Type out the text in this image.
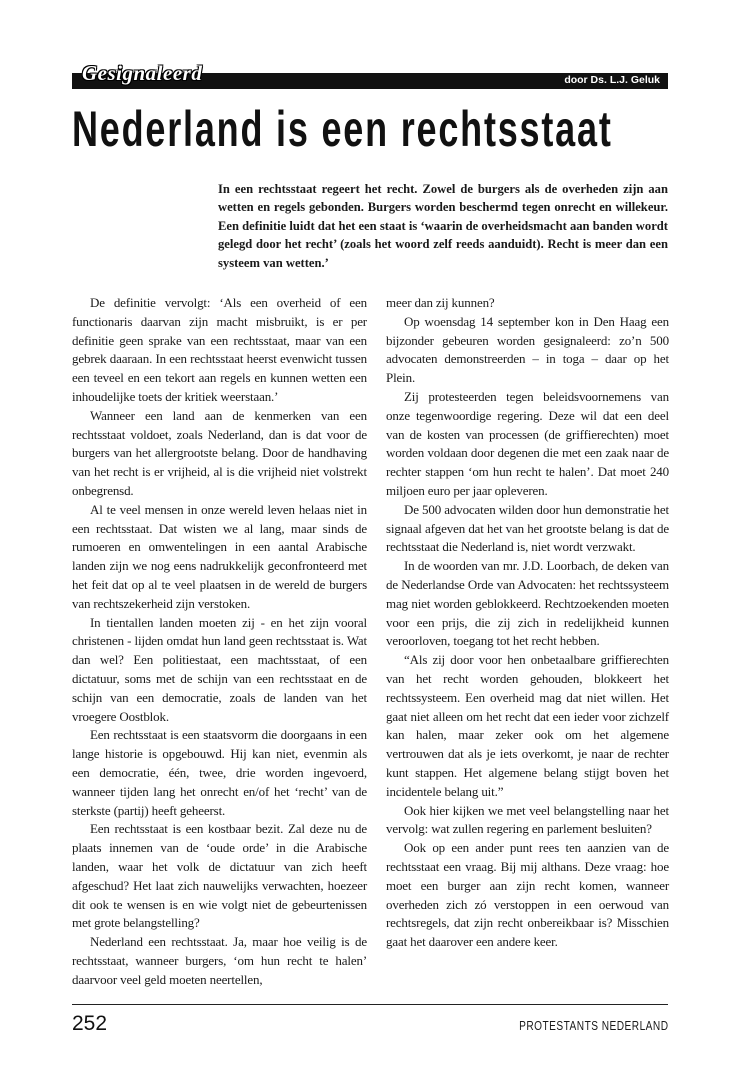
Gesignaleerd	door Ds. L.J. Geluk
Nederland is een rechtsstaat

In een rechtsstaat regeert het recht. Zowel de burgers als de overheden zijn aan wetten en regels gebonden. Burgers worden beschermd tegen onrecht en willekeur. Een definitie luidt dat het een staat is ‘waarin de overheidsmacht aan banden wordt gelegd door het recht’ (zoals het woord zelf reeds aanduidt). Recht is meer dan een systeem van wetten.’

De definitie vervolgt: ‘Als een overheid of een functionaris daarvan zijn macht misbruikt, is er per definitie geen sprake van een rechtsstaat, maar van een gebrek daaraan. In een rechtsstaat heerst evenwicht tussen een teveel en een tekort aan regels en kunnen wetten een inhoudelijke toets der kritiek weerstaan.’

Wanneer een land aan de kenmerken van een rechtsstaat voldoet, zoals Nederland, dan is dat voor de burgers van het allergrootste belang. Door de handhaving van het recht is er vrijheid, al is die vrijheid niet volstrekt onbegrensd.

Al te veel mensen in onze wereld leven helaas niet in een rechtsstaat. Dat wisten we al lang, maar sinds de rumoeren en omwentelingen in een aantal Arabische landen zijn we nog eens nadrukkelijk geconfronteerd met het feit dat op al te veel plaatsen in de wereld de burgers van rechtszekerheid zijn verstoken.

In tientallen landen moeten zij - en het zijn vooral christenen - lijden omdat hun land geen rechtsstaat is. Wat dan wel? Een politiestaat, een machtsstaat, of een dictatuur, soms met de schijn van een rechtsstaat en de schijn van een democratie, zoals de landen van het vroegere Oostblok.

Een rechtsstaat is een staatsvorm die doorgaans in een lange historie is opgebouwd. Hij kan niet, evenmin als een democratie, één, twee, drie worden ingevoerd, wanneer tijden lang het onrecht en/of het ‘recht’ van de sterkste (partij) heeft geheerst.

Een rechtsstaat is een kostbaar bezit. Zal deze nu de plaats innemen van de ‘oude orde’ in die Arabische landen, waar het volk de dictatuur van zich heeft afgeschud? Het laat zich nauwelijks verwachten, hoezeer dit ook te wensen is en wie volgt niet de gebeurtenissen met grote belangstelling?

Nederland een rechtsstaat. Ja, maar hoe veilig is de rechtsstaat, wanneer burgers, ‘om hun recht te halen’ daarvoor veel geld moeten neertellen,

meer dan zij kunnen?

Op woensdag 14 september kon in Den Haag een bijzonder gebeuren worden gesignaleerd: zo’n 500 advocaten demonstreerden – in toga – daar op het Plein.

Zij protesteerden tegen beleidsvoornemens van onze tegenwoordige regering. Deze wil dat een deel van de kosten van processen (de griffierechten) moet worden voldaan door degenen die met een zaak naar de rechter stappen ‘om hun recht te halen’. Dat moet 240 miljoen euro per jaar opleveren.

De 500 advocaten wilden door hun demonstratie het signaal afgeven dat het van het grootste belang is dat de rechtsstaat die Nederland is, niet wordt verzwakt.

In de woorden van mr. J.D. Loorbach, de deken van de Nederlandse Orde van Advocaten: het rechtssysteem mag niet worden geblokkeerd. Rechtzoekenden moeten voor een prijs, die zij zich in redelijkheid kunnen veroorloven, toegang tot het recht hebben.

“Als zij door voor hen onbetaalbare griffierechten van het recht worden gehouden, blokkeert het rechtssysteem. Een overheid mag dat niet willen. Het gaat niet alleen om het recht dat een ieder voor zichzelf kan halen, maar zeker ook om het algemene vertrouwen dat als je iets overkomt, je naar de rechter kunt stappen. Het algemene belang stijgt boven het incidentele belang uit.”

Ook hier kijken we met veel belangstelling naar het vervolg: wat zullen regering en parlement besluiten?

Ook op een ander punt rees ten aanzien van de rechtsstaat een vraag. Bij mij althans. Deze vraag: hoe moet een burger aan zijn recht komen, wanneer overheden zich zó verstoppen in een oerwoud van rechtsregels, dat zijn recht onbereikbaar is? Misschien gaat het daarover een andere keer.

252	PROTESTANTS NEDERLAND
